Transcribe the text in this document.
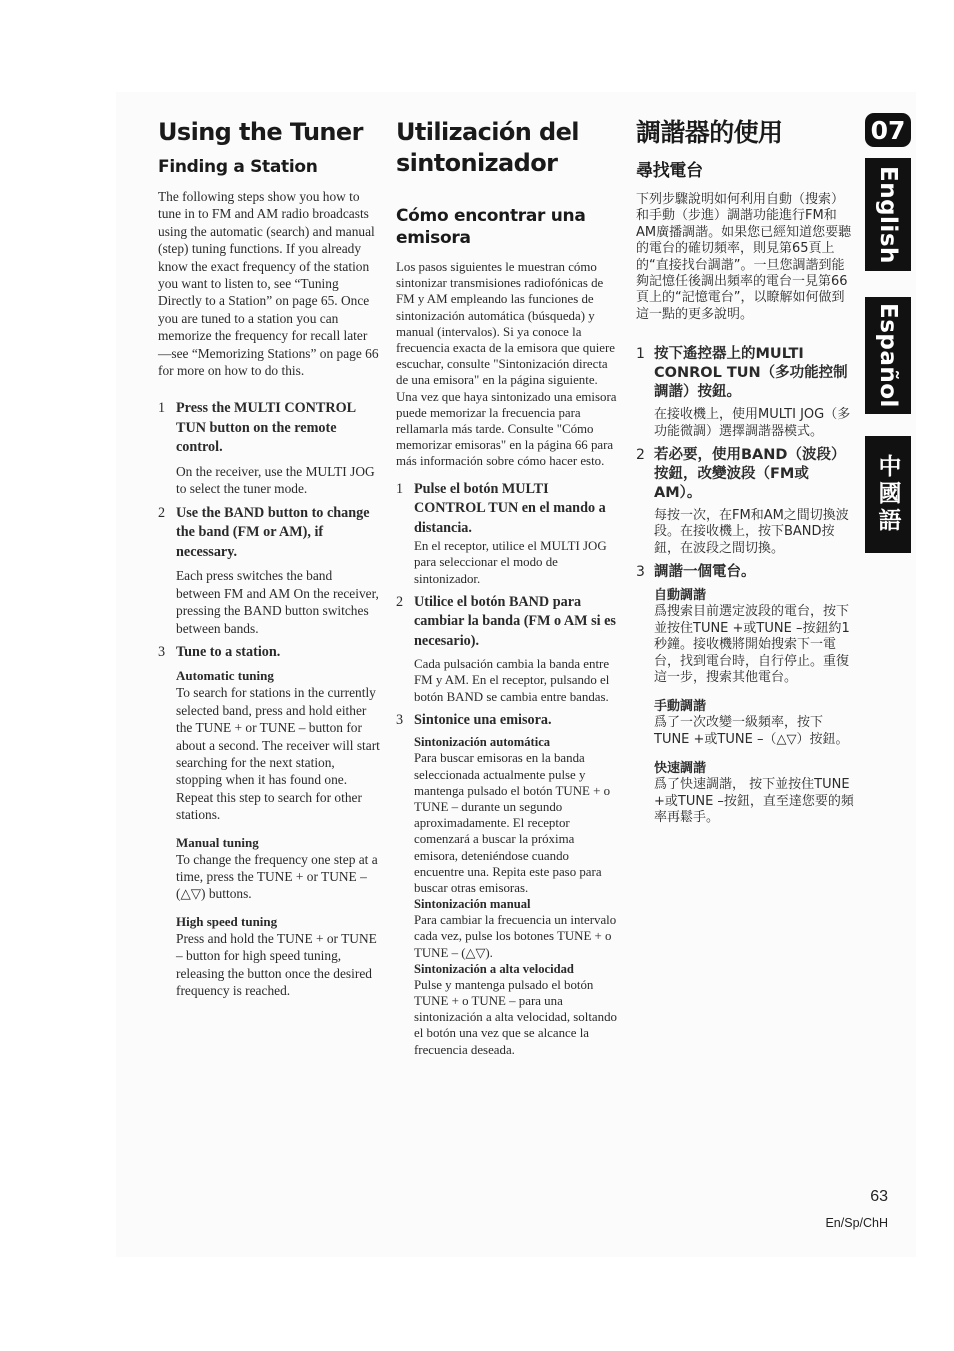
Using the Tuner
Finding a Station

The following steps show you how to tune in to FM and AM radio broadcasts using the automatic (search) and manual (step) tuning functions. If you already know the exact frequency of the station you want to listen to, see “Tuning Directly to a Station” on page 65. Once you are tuned to a station you can memorize the frequency for recall later—see “Memorizing Stations” on page 66 for more on how to do this.

1 Press the MULTI CONTROL TUN button on the remote control.
On the receiver, use the MULTI JOG to select the tuner mode.
2 Use the BAND button to change the band (FM or AM), if necessary.
Each press switches the band between FM and AM On the receiver, pressing the BAND button switches between bands.
3 Tune to a station.
Automatic tuning

To search for stations in the currently selected band, press and hold either the TUNE + or TUNE – button for about a second. The receiver will start searching for the next station, stopping when it has found one. Repeat this step to search for other stations.

Manual tuning

To change the frequency one step at a time, press the TUNE + or TUNE – (△▽) buttons.

High speed tuning

Press and hold the TUNE + or TUNE – button for high speed tuning, releasing the button once the desired frequency is reached.

Utilización del sintonizador
Cómo encontrar una emisora

Los pasos siguientes le muestran cómo sintonizar transmisiones radiofónicas de FM y AM empleando las funciones de sintonización automática (búsqueda) y manual (intervalos). Si ya conoce la frecuencia exacta de la emisora que quiere escuchar, consulte "Sintonización directa de una emisora" en la página siguiente. Una vez que haya sintonizado una emisora puede memorizar la frecuencia para rellamarla más tarde. Consulte "Cómo memorizar emisoras" en la página 66 para más información sobre cómo hacer esto.

1 Pulse el botón MULTI CONTROL TUN en el mando a distancia.
En el receptor, utilice el MULTI JOG para seleccionar el modo de sintonizador.
2 Utilice el botón BAND para cambiar la banda (FM o AM si es necesario).
Cada pulsación cambia la banda entre FM y AM. En el receptor, pulsando el botón BAND se cambia entre bandas.
3 Sintonice una emisora.
Sintonización automática

Para buscar emisoras en la banda seleccionada actualmente pulse y mantenga pulsado el botón TUNE + o TUNE – durante un segundo aproximadamente. El receptor comenzará a buscar la próxima emisora, deteniéndose cuando encuentre una. Repita este paso para buscar otras emisoras.

Sintonización manual

Para cambiar la frecuencia un intervalo cada vez, pulse los botones TUNE + o TUNE – (△▽).

Sintonización a alta velocidad

Pulse y mantenga pulsado el botón TUNE + o TUNE – para una sintonización a alta velocidad, soltando el botón una vez que se alcance la frecuencia deseada.

調諧器的使用
尋找電台

下列步驟說明如何利用自動（搜索）和手動（步進）調諧功能進行FM和AM廣播調諧。如果您已經知道您要聽的電台的確切頻率，則見第65頁上的“直接找台調諧”。一旦您調諧到能夠記憶任後調出頻率的電台一見第66頁上的“記憶電台”，以瞭解如何做到這一點的更多說明。

1 按下遙控器上的MULTI CONROL TUN（多功能控制調諧）按鈕。
在接收機上，使用MULTI JOG（多功能微調）選擇調諧器模式。
2 若必要，使用BAND（波段）按鈕，改變波段（FM或AM）。
每按一次，在FM和AM之間切換波段。在接收機上，按下BAND按鈕，在波段之間切換。
3 調諧一個電台。
自動調諧

爲搜索目前選定波段的電台，按下並按住TUNE +或TUNE –按鈕約1秒鐘。接收機將開始搜索下一電台，找到電台時，自行停止。重復這一步，搜索其他電台。

手動調諧

爲了一次改變一級頻率，按下TUNE +或TUNE –（△▽）按鈕。

快速調諧

爲了快速調諧， 按下並按住TUNE +或TUNE –按鈕，直至達您要的頻率再鬆手。

07
English
Español
中國語
63
En/Sp/ChH
